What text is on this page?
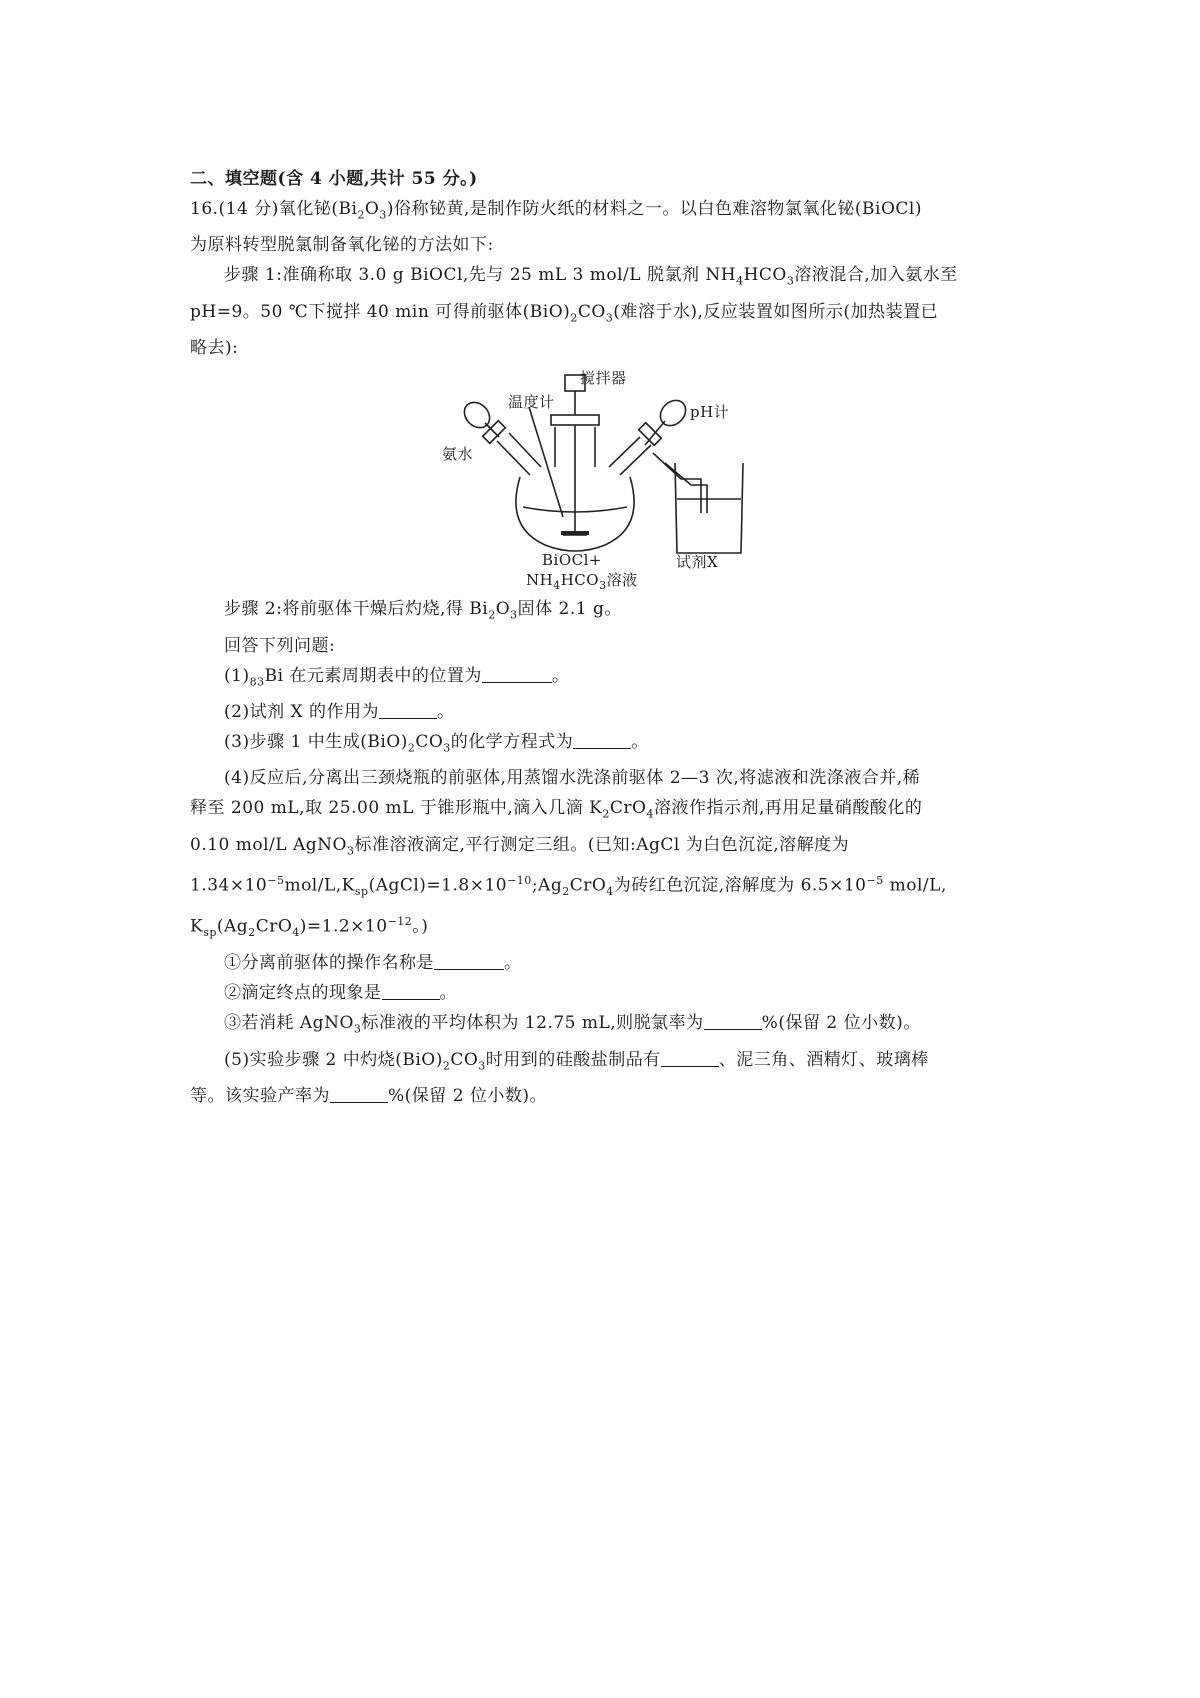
二、填空题(含 4 小题,共计 55 分。)

16.(14 分)氧化铋$(Bi_2O_3)$俗称铋黄,是制作防火纸的材料之一。以白色难溶物氯氧化铋(BiOCl)

为原料转型脱氯制备氧化铋的方法如下:

步骤 1:准确称取 3.0 g BiOCl,先与 25 mL 3 mol/L 脱氯剂 $NH_4HCO_3$溶液混合,加入氨水至

pH=9。50 ℃下搅拌 40 min 可得前驱体$(BiO)_2CO_3$(难溶于水),反应装置如图所示(加热装置已

略去):

搅拌器
温度计
pH计
氨水
BiOCl+
$NH_4HCO_3$溶液
试剂X

步骤 2:将前驱体干燥后灼烧,得 $Bi_2O_3$固体 2.1 g。

回答下列问题:

$(1)_{83}Bi$ 在元素周期表中的位置为	。

(2)试剂 X 的作用为	。

(3)步骤 1 中生成$(BiO)_2CO_3$的化学方程式为	。

(4)反应后,分离出三颈烧瓶的前驱体,用蒸馏水洗涤前驱体 2—3 次,将滤液和洗涤液合并,稀

释至 200 mL,取 25.00 mL 于锥形瓶中,滴入几滴 $K_2CrO_4$溶液作指示剂,再用足量硝酸酸化的

0.10 mol/L AgNO$_3$标准溶液滴定,平行测定三组。(已知:AgCl 为白色沉淀,溶解度为

$1.34\times 10^{-5}mol/L,K_{sp}(AgCl)=1.8\times 10^{-10};Ag_2CrO_4$为砖红色沉淀,溶解度为 $6.5\times 10^{-5}$ mol/L,

$K_{sp}(Ag_2CrO_4)=1.2\times 10^{-12}$。)

①分离前驱体的操作名称是	。

②滴定终点的现象是	。

③若消耗 AgNO$_3$标准液的平均体积为 12.75 mL,则脱氯率为	%(保留 2 位小数)。

(5)实验步骤 2 中灼烧$(BiO)_2CO_3$时用到的硅酸盐制品有	、泥三角、酒精灯、玻璃棒

等。该实验产率为	%(保留 2 位小数)。
